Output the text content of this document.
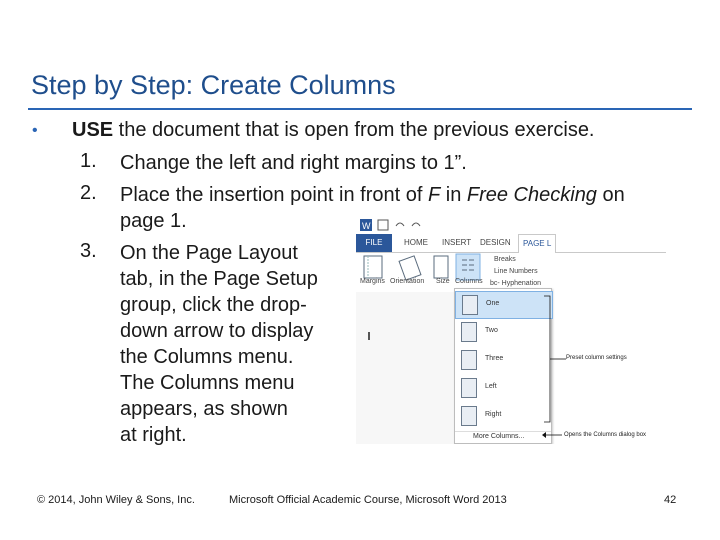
Step by Step: Create Columns
• USE the document that is open from the previous exercise.
1. Change the left and right margins to 1”.
2. Place the insertion point in front of F in Free Checking on
page 1.
3. On the Page Layout
tab, in the Page Setup
group, click the drop-
down arrow to display
the Columns menu.
The Columns menu
appears, as shown
at right.
W
FILE	HOME INSERT DESIGN	PAGE L
Margins Orientation Size Columns
Breaks
Line Numbers
bc- Hyphenation
One
Two
Three
Left
Right
More Columns...
Preset column settings
Opens the Columns dialog box
© 2014, John Wiley & Sons, Inc.	Microsoft Official Academic Course, Microsoft Word 2013	42
